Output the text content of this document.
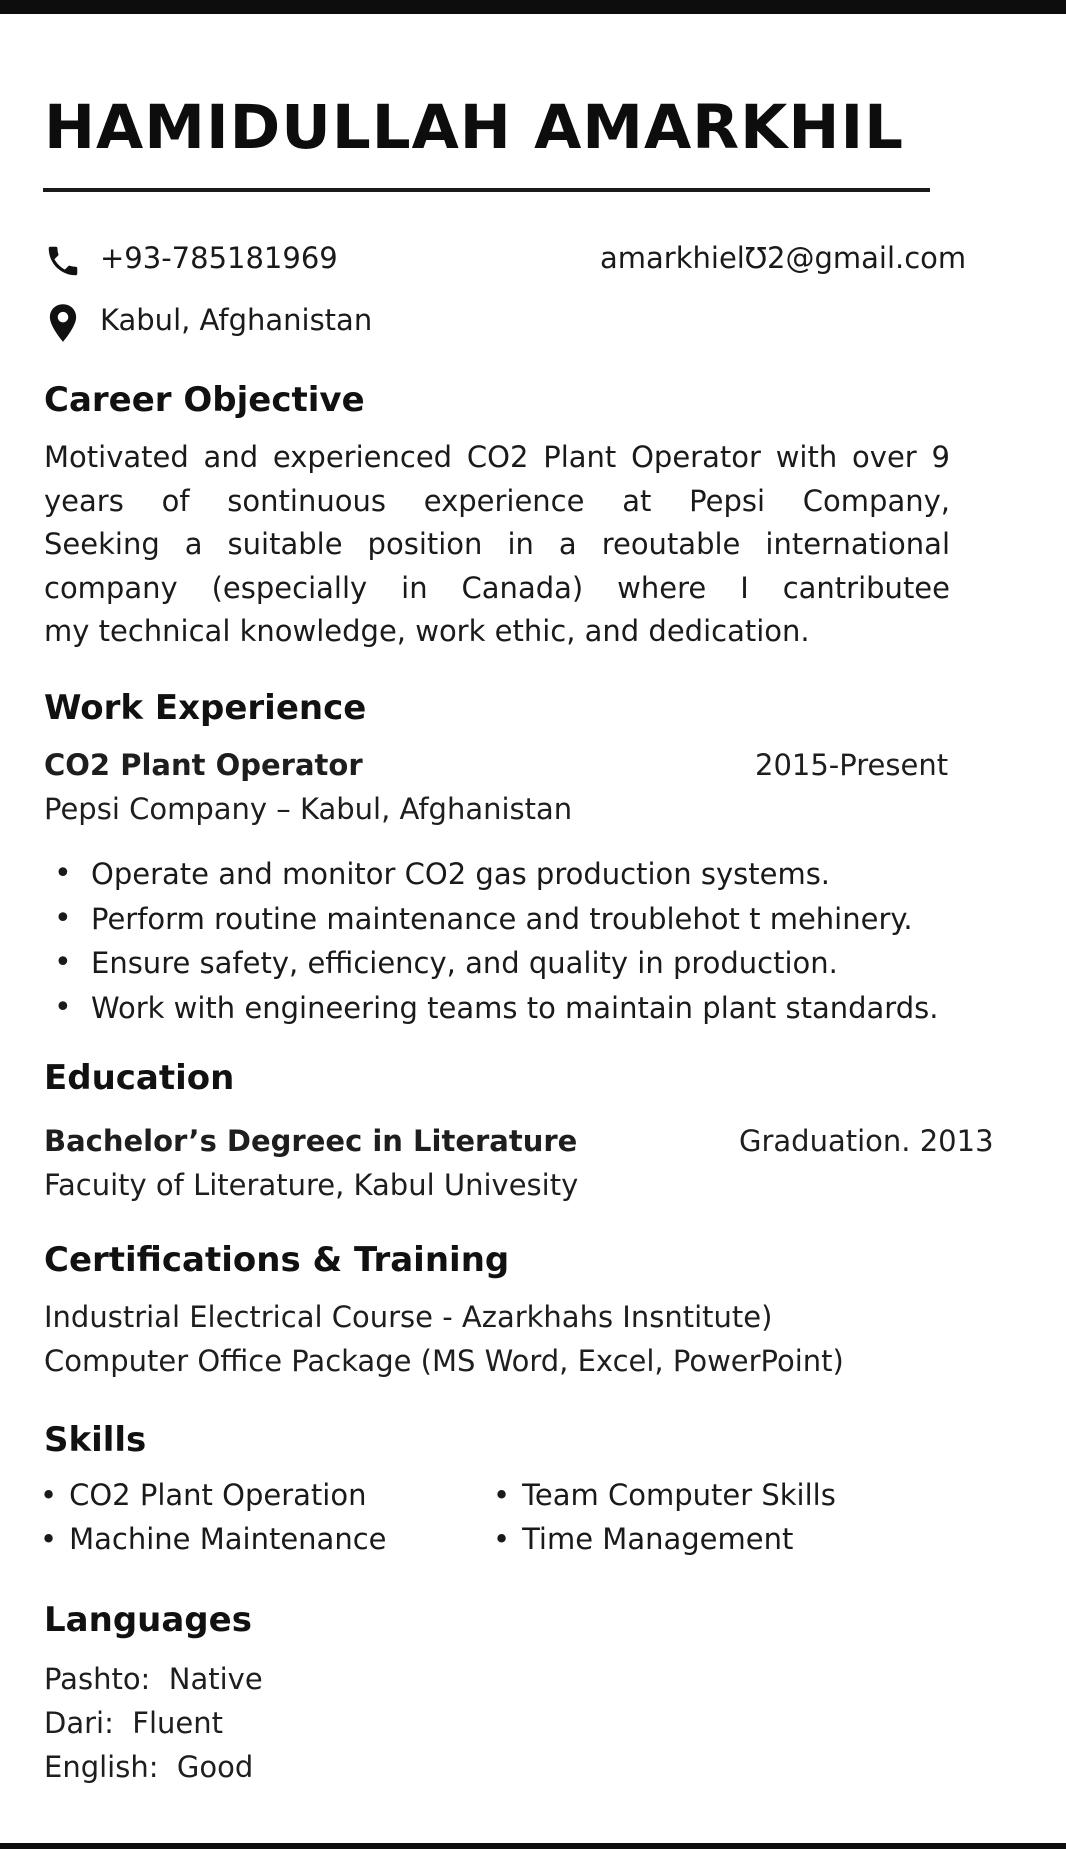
HAMIDULLAH AMARKHIL
+93-785181969	amarkhielƱ2@gmail.com
Kabul, Afghanistan
Career Objective
Motivated and experienced CO2 Plant Operator with over 9
years of sontinuous experience at Pepsi Company,
Seeking a suitable position in a reoutable international
company (especially in Canada) where I cantributee
my technical knowledge, work ethic, and dedication.
Work Experience
CO2 Plant Operator	2015-Present
Pepsi Company – Kabul, Afghanistan
• Operate and monitor CO2 gas production systems.
• Perform routine maintenance and troublehot t mehinery.
• Ensure safety, efficiency, and quality in production.
• Work with engineering teams to maintain plant standards.
Education
Bachelor’s Degreec in Literature	Graduation. 2013
Facuity of Literature, Kabul Univesity
Certifications & Training
Industrial Electrical Course - Azarkhahs Insntitute)
Computer Office Package (MS Word, Excel, PowerPoint)
Skills
• CO2 Plant Operation
• Machine Maintenance
• Team Computer Skills
• Time Management
Languages
Pashto:  Native
Dari:  Fluent
English:  Good
